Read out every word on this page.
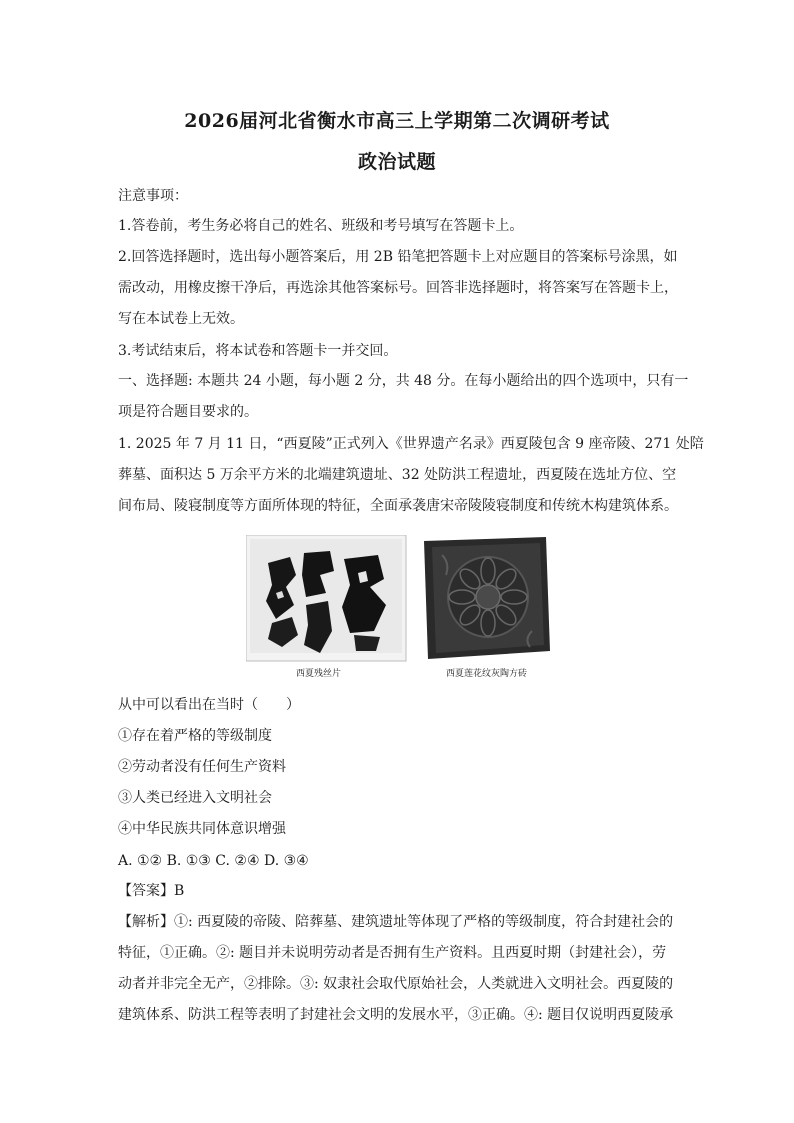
2026届河北省衡水市高三上学期第二次调研考试
政治试题
注意事项：
1.答卷前，考生务必将自己的姓名、班级和考号填写在答题卡上。
2.回答选择题时，选出每小题答案后，用 2B 铅笔把答题卡上对应题目的答案标号涂黑，如
需改动，用橡皮擦干净后，再选涂其他答案标号。回答非选择题时，将答案写在答题卡上，
写在本试卷上无效。
3.考试结束后，将本试卷和答题卡一并交回。
一、选择题: 本题共 24 小题，每小题 2 分，共 48 分。在每小题给出的四个选项中，只有一
项是符合题目要求的。
1. 2025 年 7 月 11 日，“西夏陵”正式列入《世界遗产名录》西夏陵包含 9 座帝陵、271 处陪
葬墓、面积达 5 万余平方米的北端建筑遗址、32 处防洪工程遗址，西夏陵在选址方位、空
间布局、陵寝制度等方面所体现的特征，全面承袭唐宋帝陵陵寝制度和传统木构建筑体系。
西夏残丝片	西夏莲花纹灰陶方砖
从中可以看出在当时（　　）
①存在着严格的等级制度
②劳动者没有任何生产资料
③人类已经进入文明社会
④中华民族共同体意识增强
A. ①② B. ①③ C. ②④ D. ③④
【答案】B
【解析】①: 西夏陵的帝陵、陪葬墓、建筑遗址等体现了严格的等级制度，符合封建社会的
特征，①正确。②: 题目并未说明劳动者是否拥有生产资料。且西夏时期（封建社会），劳
动者并非完全无产，②排除。③: 奴隶社会取代原始社会，人类就进入文明社会。西夏陵的
建筑体系、防洪工程等表明了封建社会文明的发展水平，③正确。④: 题目仅说明西夏陵承
